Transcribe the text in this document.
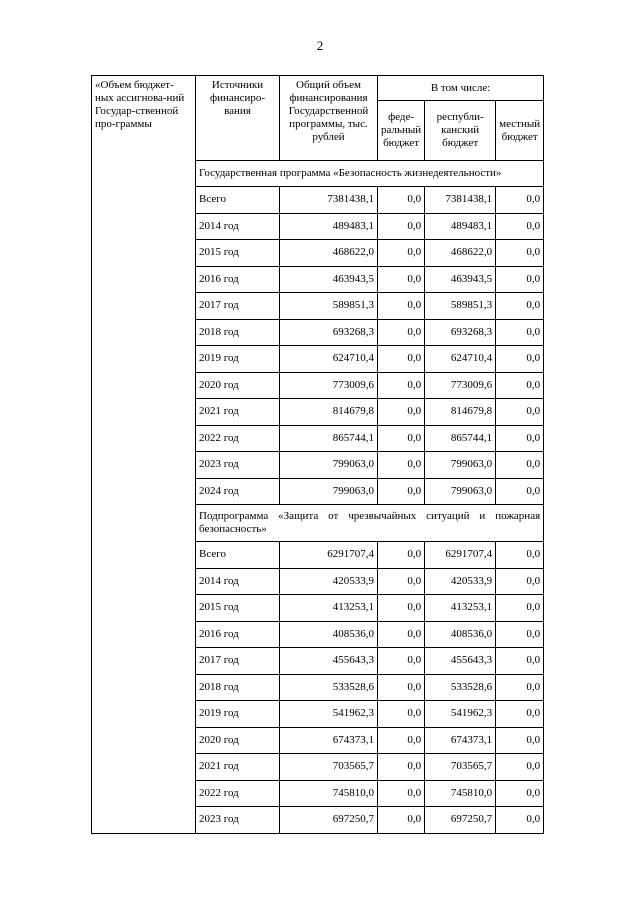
2
«Объем бюджет-ных ассигнова-ний Государ-ственной про-граммы	Источники финансиро-вания	Общий объем финансирования Государственной программы, тыс. рублей	В том числе:		
			феде-ральный бюджет	республи-канский бюджет	местный бюджет
	Государственная программа «Безопасность жизнедеятельности»				
	Всего	7381438,1	0,0	7381438,1	0,0
	2014 год	489483,1	0,0	489483,1	0,0
	2015 год	468622,0	0,0	468622,0	0,0
	2016 год	463943,5	0,0	463943,5	0,0
	2017 год	589851,3	0,0	589851,3	0,0
	2018 год	693268,3	0,0	693268,3	0,0
	2019 год	624710,4	0,0	624710,4	0,0
	2020 год	773009,6	0,0	773009,6	0,0
	2021 год	814679,8	0,0	814679,8	0,0
	2022 год	865744,1	0,0	865744,1	0,0
	2023 год	799063,0	0,0	799063,0	0,0
	2024 год	799063,0	0,0	799063,0	0,0
	Подпрограмма «Защита от чрезвычайных ситуаций и пожарная безопасность»				
	Всего	6291707,4	0,0	6291707,4	0,0
	2014 год	420533,9	0,0	420533,9	0,0
	2015 год	413253,1	0,0	413253,1	0,0
	2016 год	408536,0	0,0	408536,0	0,0
	2017 год	455643,3	0,0	455643,3	0,0
	2018 год	533528,6	0,0	533528,6	0,0
	2019 год	541962,3	0,0	541962,3	0,0
	2020 год	674373,1	0,0	674373,1	0,0
	2021 год	703565,7	0,0	703565,7	0,0
	2022 год	745810,0	0,0	745810,0	0,0
	2023 год	697250,7	0,0	697250,7	0,0
